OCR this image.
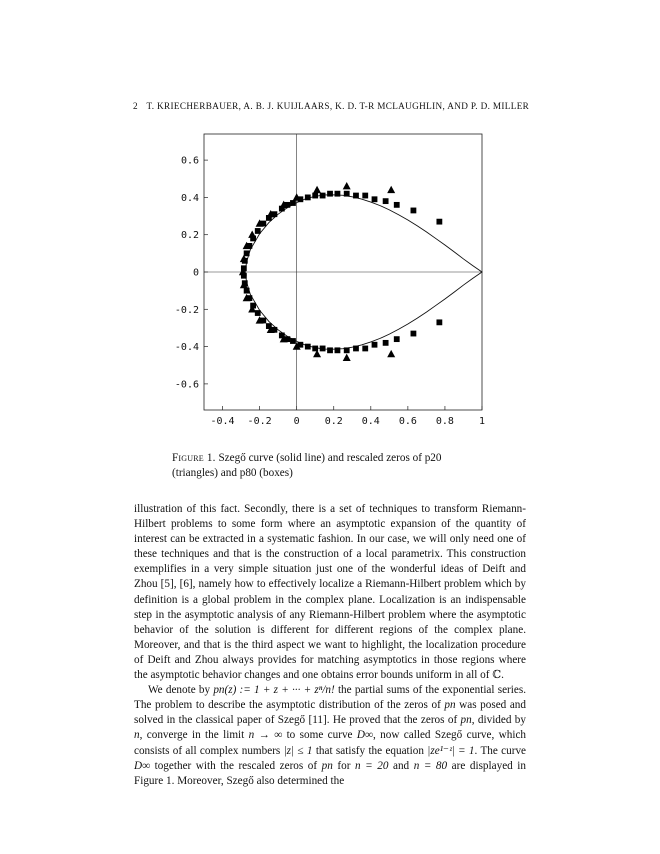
2 T. KRIECHERBAUER, A. B. J. KUIJLAARS, K. D. T-R MCLAUGHLIN, AND P. D. MILLER
-0.4 -0.2 0	0.2 0.4 0.6 0.8	1
0.6
0.4
0.2
0
-0.2
-0.4
-0.6
Figure 1. Szegő curve (solid line) and rescaled zeros of p20 (triangles) and p80 (boxes)

illustration of this fact. Secondly, there is a set of techniques to transform Riemann-Hilbert problems to some form where an asymptotic expansion of the quantity of interest can be extracted in a systematic fashion. In our case, we will only need one of these techniques and that is the construction of a local parametrix. This construction exemplifies in a very simple situation just one of the wonderful ideas of Deift and Zhou [5], [6], namely how to effectively localize a Riemann-Hilbert problem which by definition is a global problem in the complex plane. Localization is an indispensable step in the asymptotic analysis of any Riemann-Hilbert problem where the asymptotic behavior of the solution is different for different regions of the complex plane. Moreover, and that is the third aspect we want to highlight, the localization procedure of Deift and Zhou always provides for matching asymptotics in those regions where the asymptotic behavior changes and one obtains error bounds uniform in all of ℂ.

We denote by pn(z) := 1 + z + ··· + zⁿ/n! the partial sums of the exponential series. The problem to describe the asymptotic distribution of the zeros of pn was posed and solved in the classical paper of Szegő [11]. He proved that the zeros of pn, divided by n, converge in the limit n → ∞ to some curve D∞, now called Szegő curve, which consists of all complex numbers |z| ≤ 1 that satisfy the equation |ze¹⁻ᶻ| = 1. The curve D∞ together with the rescaled zeros of pn for n = 20 and n = 80 are displayed in Figure 1. Moreover, Szegő also determined the
